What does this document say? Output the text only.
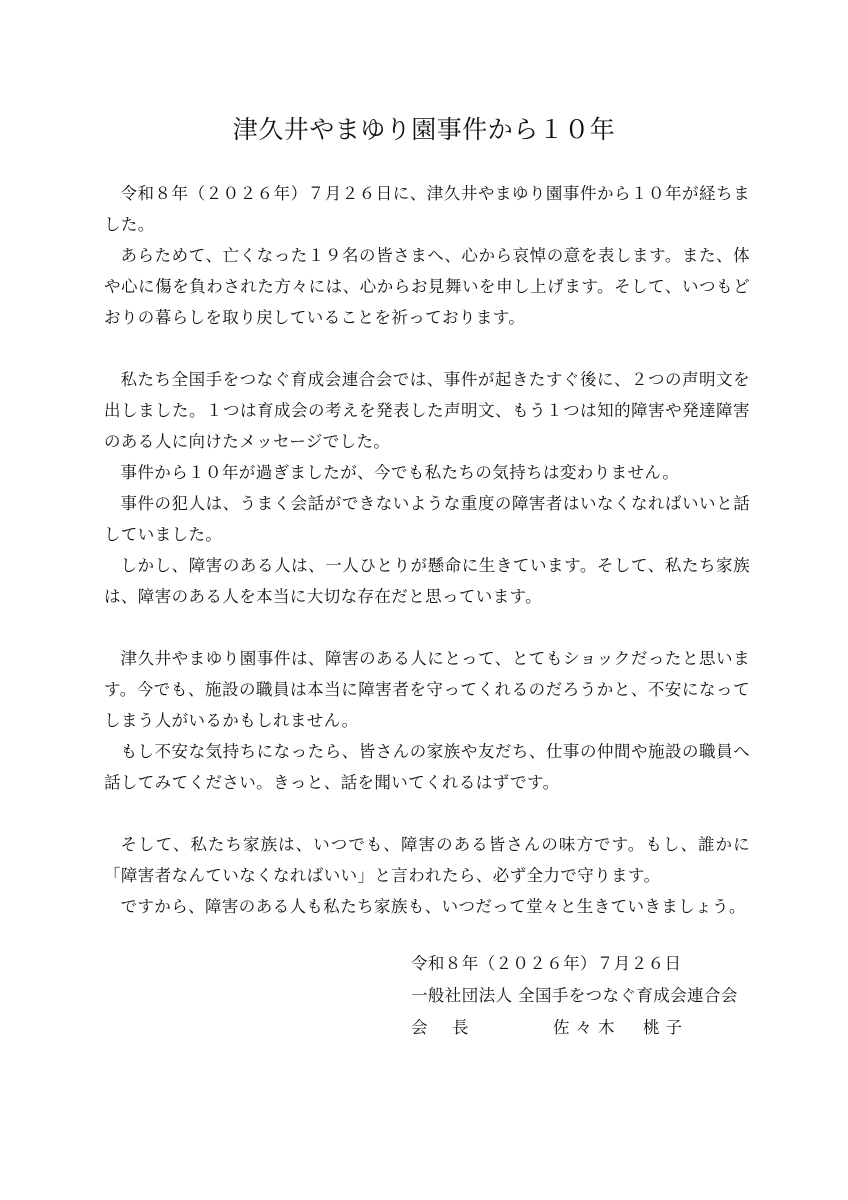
津久井やまゆり園事件から１０年

令和８年（２０２６年）７月２６日に、津久井やまゆり園事件から１０年が経ちました。

あらためて、亡くなった１９名の皆さまへ、心から哀悼の意を表します。また、体や心に傷を負わされた方々には、心からお見舞いを申し上げます。そして、いつもどおりの暮らしを取り戻していることを祈っております。

私たち全国手をつなぐ育成会連合会では、事件が起きたすぐ後に、２つの声明文を出しました。１つは育成会の考えを発表した声明文、もう１つは知的障害や発達障害のある人に向けたメッセージでした。

事件から１０年が過ぎましたが、今でも私たちの気持ちは変わりません。

事件の犯人は、うまく会話ができないような重度の障害者はいなくなればいいと話していました。

しかし、障害のある人は、一人ひとりが懸命に生きています。そして、私たち家族は、障害のある人を本当に大切な存在だと思っています。

津久井やまゆり園事件は、障害のある人にとって、とてもショックだったと思います。今でも、施設の職員は本当に障害者を守ってくれるのだろうかと、不安になってしまう人がいるかもしれません。

もし不安な気持ちになったら、皆さんの家族や友だち、仕事の仲間や施設の職員へ話してみてください。きっと、話を聞いてくれるはずです。

そして、私たち家族は、いつでも、障害のある皆さんの味方です。もし、誰かに「障害者なんていなくなればいい」と言われたら、必ず全力で守ります。

ですから、障害のある人も私たち家族も、いつだって堂々と生きていきましょう。

令和８年（２０２６年）７月２６日
一般社団法人 全国手をつなぐ育成会連合会
会　長	佐々木　桃子
